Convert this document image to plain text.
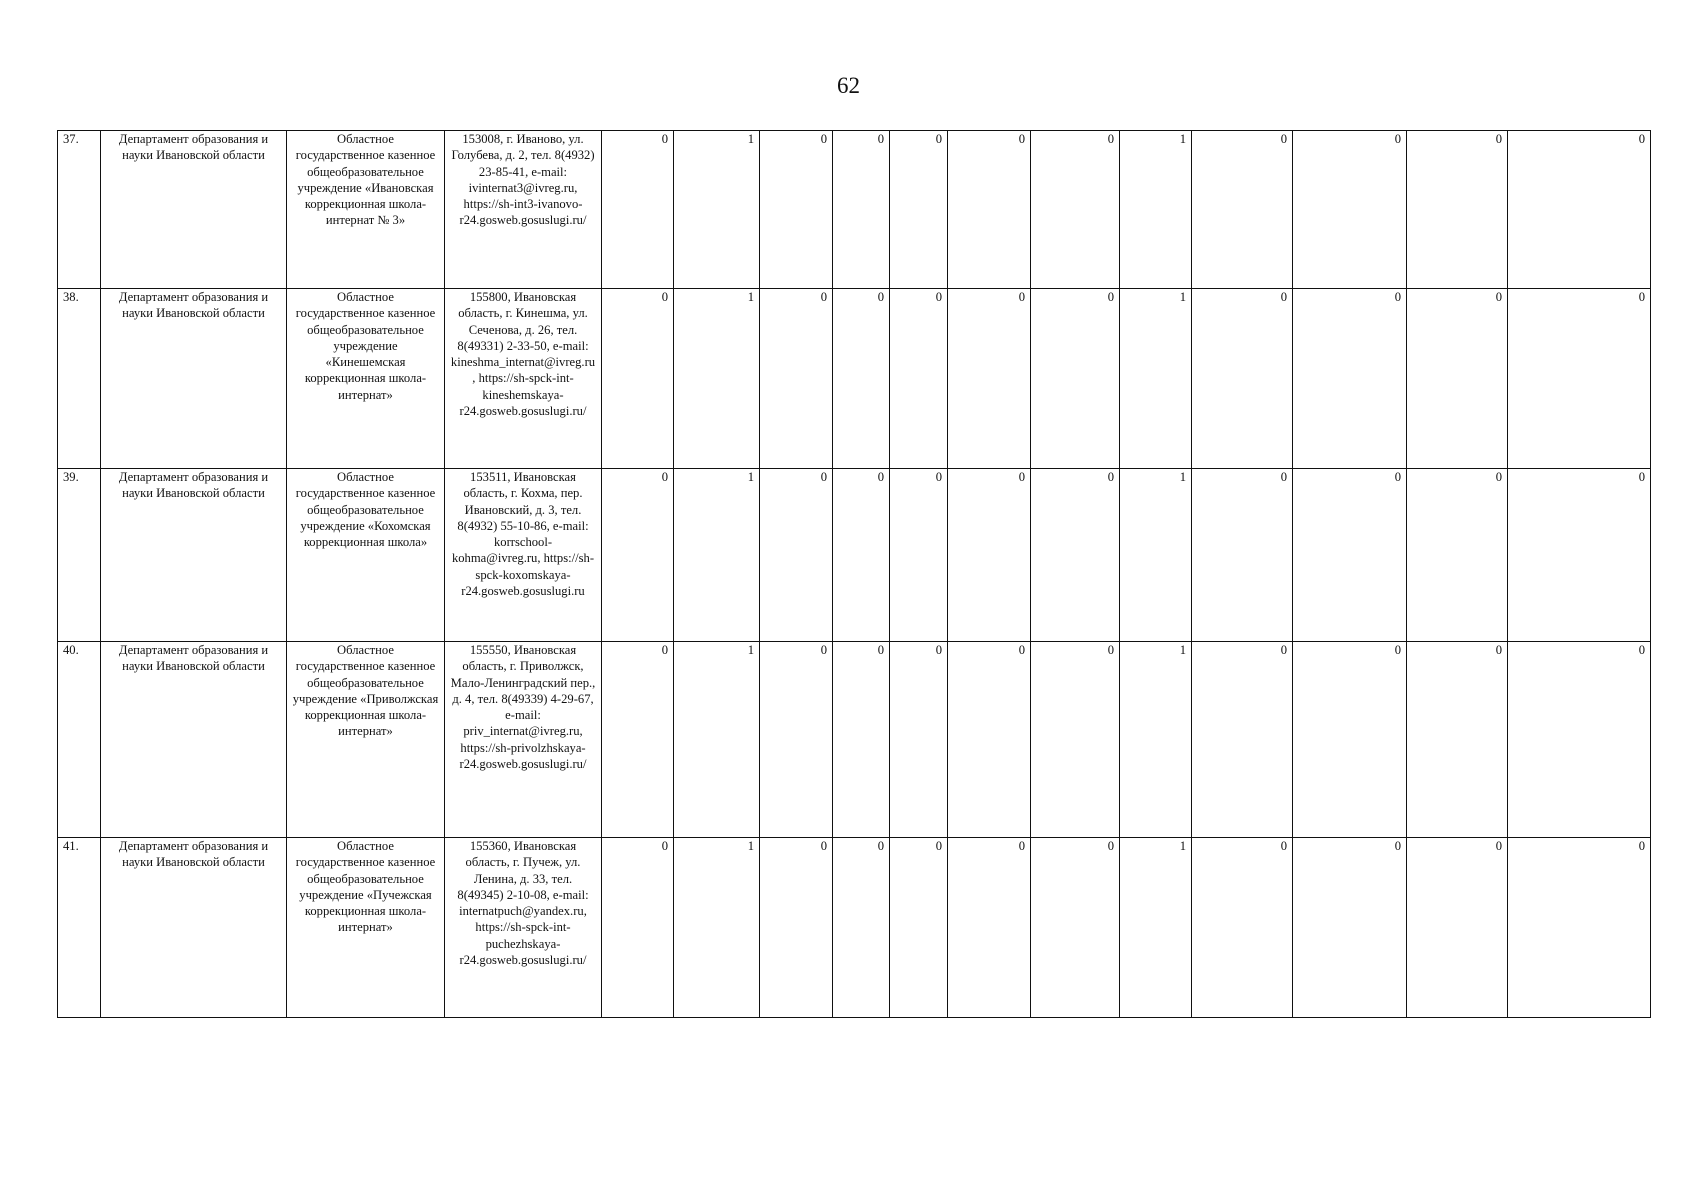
62
37.	Департамент образования и науки Ивановской области	Областное государственное казенное общеобразовательное учреждение «Ивановская коррекционная школа-интернат № 3»	153008, г. Иваново, ул. Голубева, д. 2, тел. 8(4932) 23-85-41, e-mail: ivinternat3@ivreg.ru, https://sh-int3-ivanovo-r24.gosweb.gosuslugi.ru/	0	1	0	0	0	0	0	1	0	0	0	0
38.	Департамент образования и науки Ивановской области	Областное государственное казенное общеобразовательное учреждение «Кинешемская коррекционная школа-интернат»	155800, Ивановская область, г. Кинешма, ул. Сеченова, д. 26, тел. 8(49331) 2-33-50, e-mail: kineshma_internat@ivreg.ru, https://sh-spck-int-kineshemskaya-r24.gosweb.gosuslugi.ru/	0	1	0	0	0	0	0	1	0	0	0	0
39.	Департамент образования и науки Ивановской области	Областное государственное казенное общеобразовательное учреждение «Кохомская коррекционная школа»	153511, Ивановская область, г. Кохма, пер. Ивановский, д. 3, тел. 8(4932) 55-10-86, e-mail: korrschool-kohma@ivreg.ru, https://sh-spck-koxomskaya-r24.gosweb.gosuslugi.ru	0	1	0	0	0	0	0	1	0	0	0	0
40.	Департамент образования и науки Ивановской области	Областное государственное казенное общеобразовательное учреждение «Приволжская коррекционная школа-интернат»	155550, Ивановская область, г. Приволжск, Мало-Ленинградский пер., д. 4, тел. 8(49339) 4-29-67, e-mail: priv_internat@ivreg.ru, https://sh-privolzhskaya-r24.gosweb.gosuslugi.ru/	0	1	0	0	0	0	0	1	0	0	0	0
41.	Департамент образования и науки Ивановской области	Областное государственное казенное общеобразовательное учреждение «Пучежская коррекционная школа-интернат»	155360, Ивановская область, г. Пучеж, ул. Ленина, д. 33, тел. 8(49345) 2-10-08, e-mail: internatpuch@yandex.ru, https://sh-spck-int-puchezhskaya-r24.gosweb.gosuslugi.ru/	0	1	0	0	0	0	0	1	0	0	0	0
